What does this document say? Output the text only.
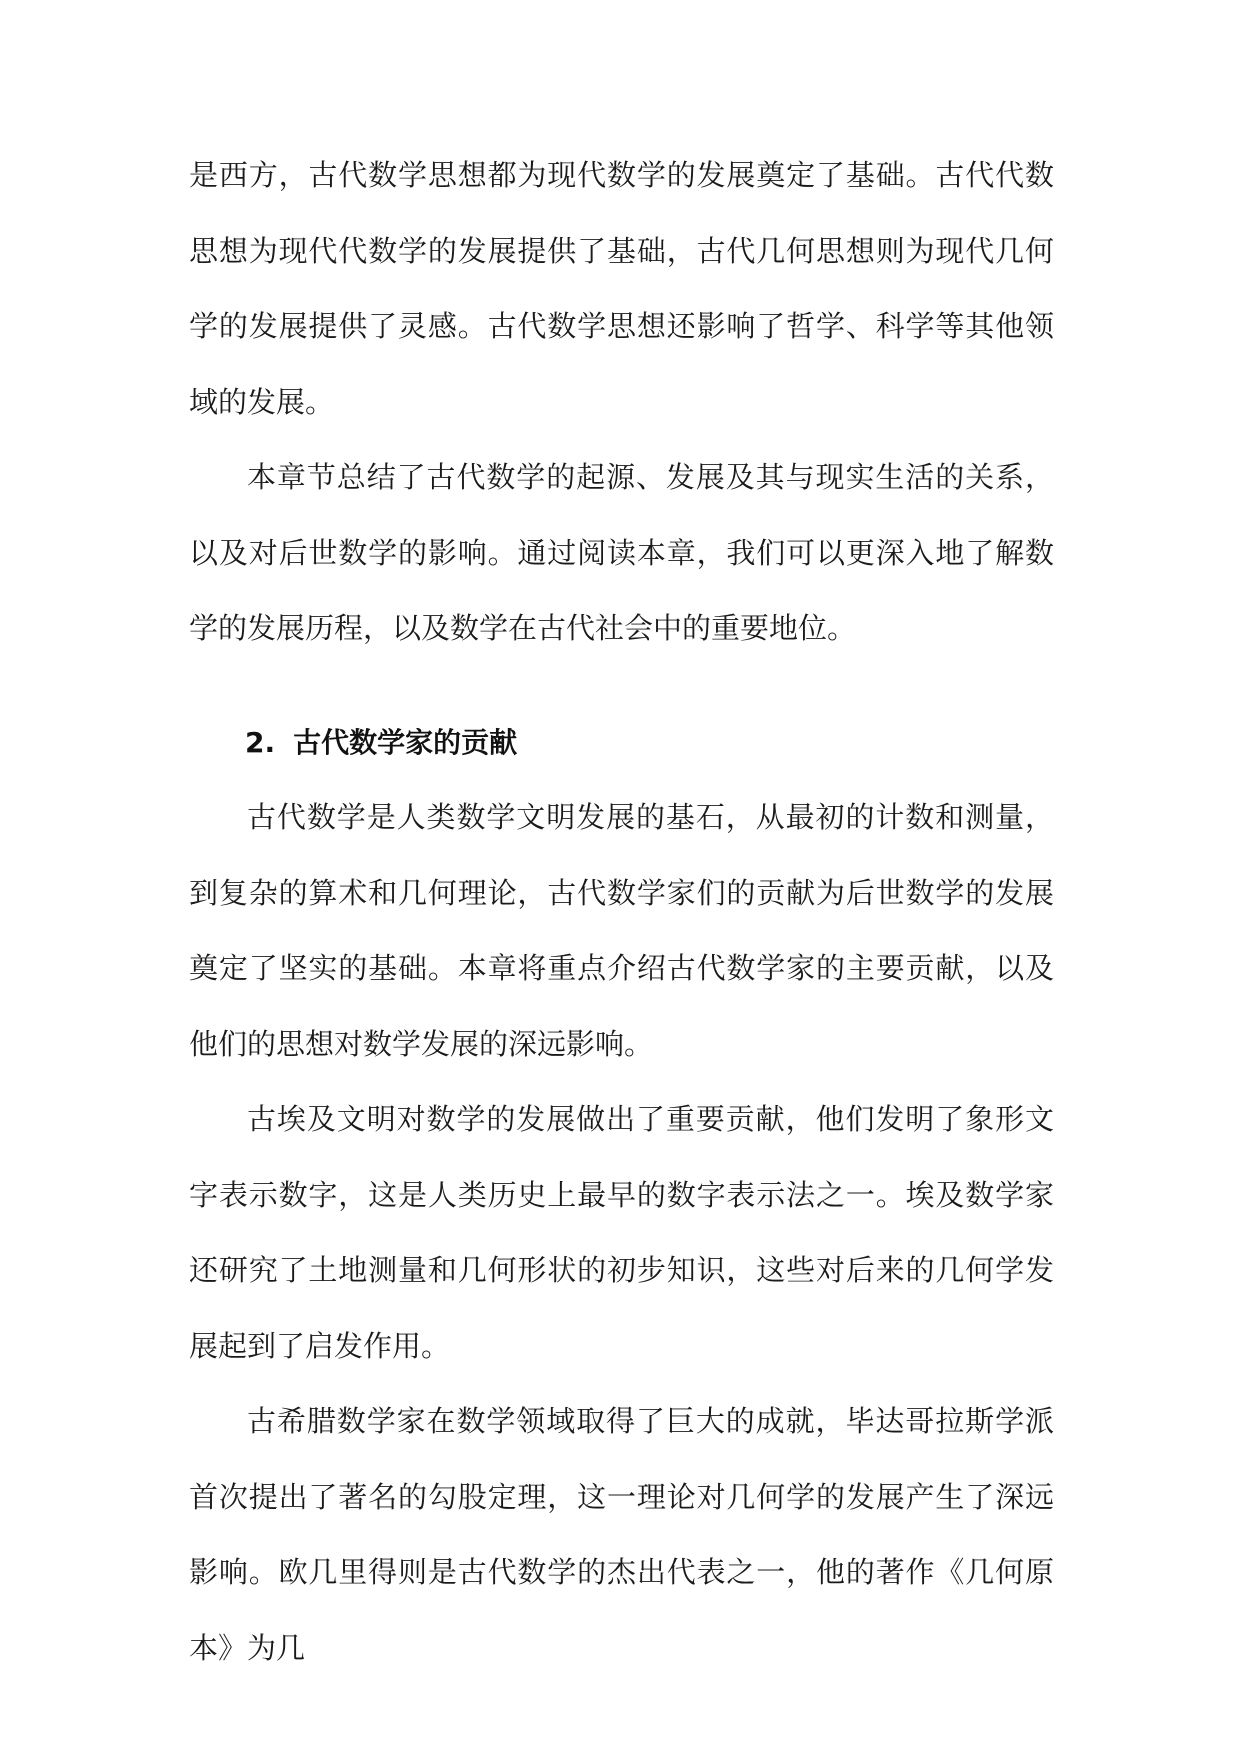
是西方，古代数学思想都为现代数学的发展奠定了基础。古代代数思想为现代代数学的发展提供了基础，古代几何思想则为现代几何学的发展提供了灵感。古代数学思想还影响了哲学、科学等其他领域的发展。

本章节总结了古代数学的起源、发展及其与现实生活的关系，以及对后世数学的影响。通过阅读本章，我们可以更深入地了解数学的发展历程，以及数学在古代社会中的重要地位。

2. 古代数学家的贡献

古代数学是人类数学文明发展的基石，从最初的计数和测量，到复杂的算术和几何理论，古代数学家们的贡献为后世数学的发展奠定了坚实的基础。本章将重点介绍古代数学家的主要贡献，以及他们的思想对数学发展的深远影响。

古埃及文明对数学的发展做出了重要贡献，他们发明了象形文字表示数字，这是人类历史上最早的数字表示法之一。埃及数学家还研究了土地测量和几何形状的初步知识，这些对后来的几何学发展起到了启发作用。

古希腊数学家在数学领域取得了巨大的成就，毕达哥拉斯学派首次提出了著名的勾股定理，这一理论对几何学的发展产生了深远影响。欧几里得则是古代数学的杰出代表之一，他的著作《几何原本》为几
